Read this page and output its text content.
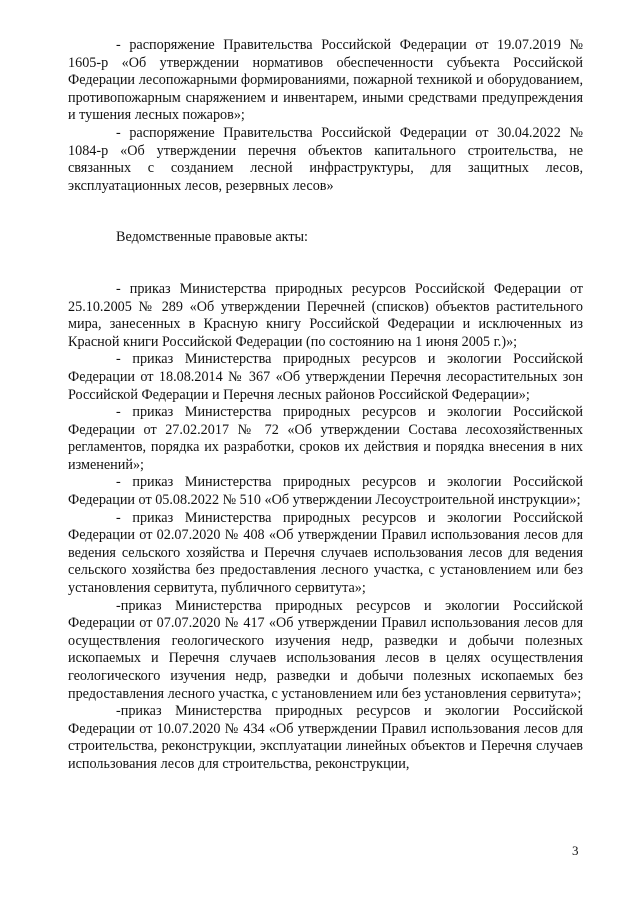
- распоряжение Правительства Российской Федерации от 19.07.2019 № 1605-р «Об утверждении нормативов обеспеченности субъекта Российской Федерации лесопожарными формированиями, пожарной техникой и оборудованием, противопожарным снаряжением и инвентарем, иными средствами предупреждения и тушения лесных пожаров»;

- распоряжение Правительства Российской Федерации от 30.04.2022 № 1084-р «Об утверждении перечня объектов капитального строительства, не связанных с созданием лесной инфраструктуры, для защитных лесов, эксплуатационных лесов, резервных лесов»

Ведомственные правовые акты:

- приказ Министерства природных ресурсов Российской Федерации от 25.10.2005 № 289 «Об утверждении Перечней (списков) объектов растительного мира, занесенных в Красную книгу Российской Федерации и исключенных из Красной книги Российской Федерации (по состоянию на 1 июня 2005 г.)»;

- приказ Министерства природных ресурсов и экологии Российской Федерации от 18.08.2014 № 367 «Об утверждении Перечня лесорастительных зон Российской Федерации и Перечня лесных районов Российской Федерации»;

- приказ Министерства природных ресурсов и экологии Российской Федерации от 27.02.2017 № 72 «Об утверждении Состава лесохозяйственных регламентов, порядка их разработки, сроков их действия и порядка внесения в них изменений»;

- приказ Министерства природных ресурсов и экологии Российской Федерации от 05.08.2022 № 510 «Об утверждении Лесоустроительной инструкции»;

- приказ Министерства природных ресурсов и экологии Российской Федерации от 02.07.2020 № 408 «Об утверждении Правил использования лесов для ведения сельского хозяйства и Перечня случаев использования лесов для ведения сельского хозяйства без предоставления лесного участка, с установлением или без установления сервитута, публичного сервитута»;

-приказ Министерства природных ресурсов и экологии Российской Федерации от 07.07.2020 № 417 «Об утверждении Правил использования лесов для осуществления геологического изучения недр, разведки и добычи полезных ископаемых и Перечня случаев использования лесов в целях осуществления геологического изучения недр, разведки и добычи полезных ископаемых без предоставления лесного участка, с установлением или без установления сервитута»;

-приказ Министерства природных ресурсов и экологии Российской Федерации от 10.07.2020 № 434 «Об утверждении Правил использования лесов для строительства, реконструкции, эксплуатации линейных объектов и Перечня случаев использования лесов для строительства, реконструкции,

3
